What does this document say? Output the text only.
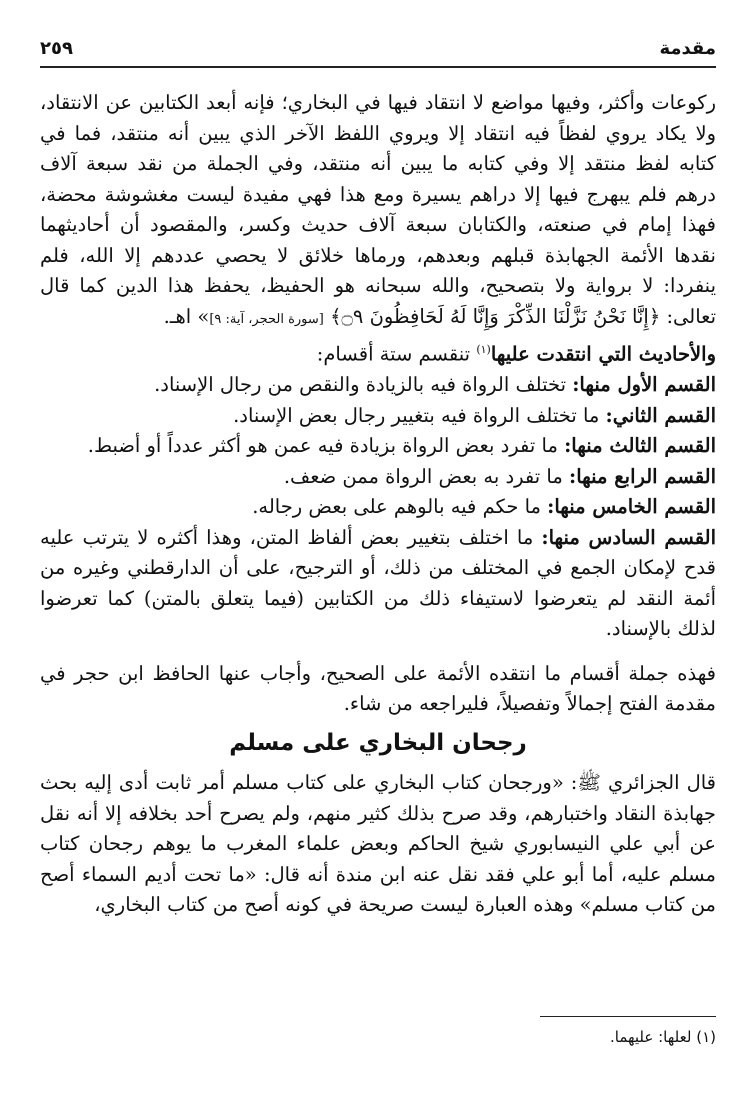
مقدمة
٢٥٩

ركوعات وأكثر، وفيها مواضع لا انتقاد فيها في البخاري؛ فإنه أبعد الكتابين عن الانتقاد، ولا يكاد يروي لفظاً فيه انتقاد إلا ويروي اللفظ الآخر الذي يبين أنه منتقد، فما في كتابه لفظ منتقد إلا وفي كتابه ما يبين أنه منتقد، وفي الجملة من نقد سبعة آلاف درهم فلم يبهرج فيها إلا دراهم يسيرة ومع هذا فهي مفيدة ليست مغشوشة محضة، فهذا إمام في صنعته، والكتابان سبعة آلاف حديث وكسر، والمقصود أن أحاديثهما نقدها الأئمة الجهابذة قبلهم وبعدهم، ورماها خلائق لا يحصي عددهم إلا الله، فلم ينفردا: لا برواية ولا بتصحيح، والله سبحانه هو الحفيظ، يحفظ هذا الدين كما قال تعالى: ﴿إِنَّا نَحْنُ نَزَّلْنَا الذِّكْرَ وَإِنَّا لَهُ لَحَافِظُونَ ۝٩﴾ [سورة الحجر، آية: ٩]» اهـ.

والأحاديث التي انتقدت عليها$^{(١)}$ تنقسم ستة أقسام:

القسم الأول منها: تختلف الرواة فيه بالزيادة والنقص من رجال الإسناد.
القسم الثاني: ما تختلف الرواة فيه بتغيير رجال بعض الإسناد.
القسم الثالث منها: ما تفرد بعض الرواة بزيادة فيه عمن هو أكثر عدداً أو أضبط.
القسم الرابع منها: ما تفرد به بعض الرواة ممن ضعف.
القسم الخامس منها: ما حكم فيه بالوهم على بعض رجاله.
القسم السادس منها: ما اختلف بتغيير بعض ألفاظ المتن، وهذا أكثره لا يترتب عليه قدح لإمكان الجمع في المختلف من ذلك، أو الترجيح، على أن الدارقطني وغيره من أئمة النقد لم يتعرضوا لاستيفاء ذلك من الكتابين (فيما يتعلق بالمتن) كما تعرضوا لذلك بالإسناد.

فهذه جملة أقسام ما انتقده الأئمة على الصحيح، وأجاب عنها الحافظ ابن حجر في مقدمة الفتح إجمالاً وتفصيلاً، فليراجعه من شاء.

رجحان البخاري على مسلم

قال الجزائري ﷺ: «ورجحان كتاب البخاري على كتاب مسلم أمر ثابت أدى إليه بحث جهابذة النقاد واختبارهم، وقد صرح بذلك كثير منهم، ولم يصرح أحد بخلافه إلا أنه نقل عن أبي علي النيسابوري شيخ الحاكم وبعض علماء المغرب ما يوهم رجحان كتاب مسلم عليه، أما أبو علي فقد نقل عنه ابن مندة أنه قال: «ما تحت أديم السماء أصح من كتاب مسلم» وهذه العبارة ليست صريحة في كونه أصح من كتاب البخاري،

(١) لعلها: عليهما.
